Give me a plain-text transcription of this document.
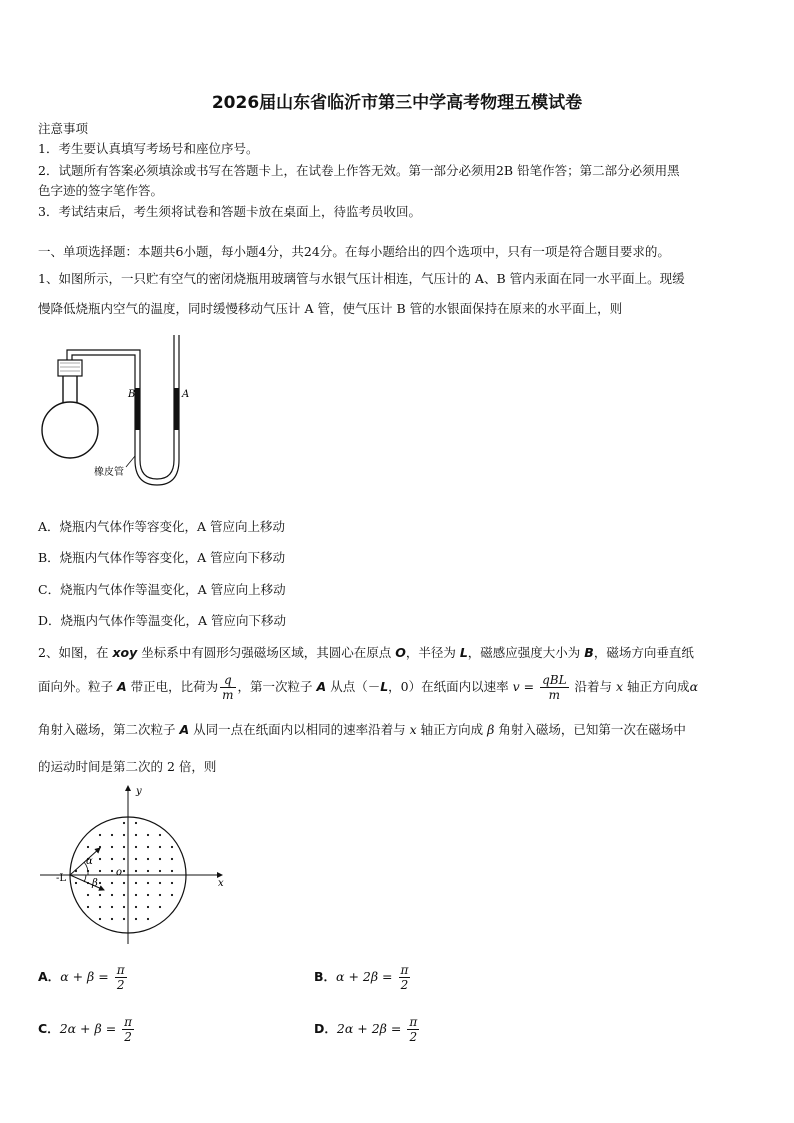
2026届山东省临沂市第三中学高考物理五模试卷
注意事项
1．考生要认真填写考场号和座位序号。
2．试题所有答案必须填涂或书写在答题卡上，在试卷上作答无效。第一部分必须用2B 铅笔作答；第二部分必须用黑
色字迹的签字笔作答。
3．考试结束后，考生须将试卷和答题卡放在桌面上，待监考员收回。
一、单项选择题：本题共6小题，每小题4分，共24分。在每小题给出的四个选项中，只有一项是符合题目要求的。
1、如图所示，一只贮有空气的密闭烧瓶用玻璃管与水银气压计相连，气压计的 A、B 管内汞面在同一水平面上。现缓
慢降低烧瓶内空气的温度，同时缓慢移动气压计 A 管，使气压计 B 管的水银面保持在原来的水平面上，则
B	A
橡皮管
A．烧瓶内气体作等容变化，A 管应向上移动
B．烧瓶内气体作等容变化，A 管应向下移动
C．烧瓶内气体作等温变化，A 管应向上移动
D．烧瓶内气体作等温变化，A 管应向下移动
2、如图，在 xoy 坐标系中有圆形匀强磁场区域，其圆心在原点 O，半径为 L，磁感应强度大小为 B，磁场方向垂直纸
面向外。粒子 A 带正电，比荷为 $\frac{q}{m}$ ，第一次粒子 A 从点（－L，0）在纸面内以速率 $v = \frac{\text{qBL}}{m}$ 沿着与 x 轴正方向成α
角射入磁场，第二次粒子 A 从同一点在纸面内以相同的速率沿着与 x 轴正方向成 β 角射入磁场，已知第一次在磁场中
的运动时间是第二次的 2 倍，则
y
x
o
-L
α
β
A．$\alpha + \beta = \frac{\pi}{2}$	B．$\alpha + 2\beta = \frac{\pi}{2}$
C．$2\alpha + \beta = \frac{\pi}{2}$	D．$2\alpha + 2\beta = \frac{\pi}{2}$
